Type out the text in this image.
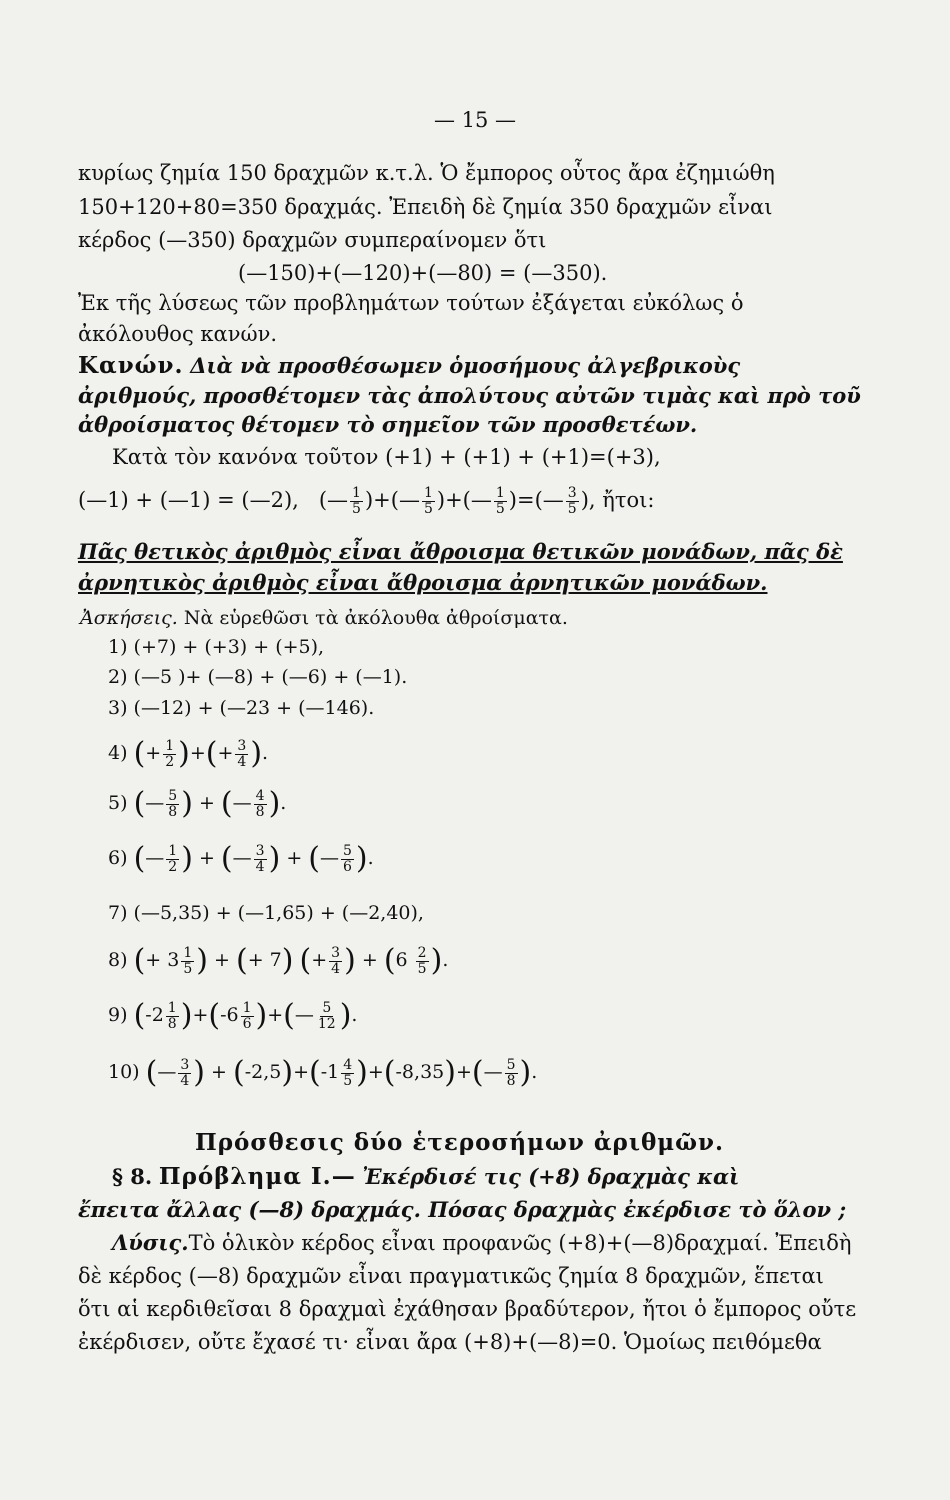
— 15 —
κυρίως ζημία 150 δραχμῶν κ.τ.λ. Ὁ ἔμπορος οὗτος ἄρα ἐζημιώθη
150+120+80=350 δραχμάς. Ἐπειδὴ δὲ ζημία 350 δραχμῶν εἶναι
κέρδος (—350) δραχμῶν συμπεραίνομεν ὅτι
(—150)+(—120)+(—80) = (—350).
Ἐκ τῆς λύσεως τῶν προβλημάτων τούτων ἐξάγεται εὐκόλως ὁ
ἀκόλουθος κανών.
Κανών. Διὰ νὰ προσθέσωμεν ὁμοσήμους ἀλγεβρικοὺς
ἀριθμούς, προσθέτομεν τὰς ἀπολύτους αὐτῶν τιμὰς καὶ πρὸ τοῦ
ἀθροίσματος θέτομεν τὸ σημεῖον τῶν προσθετέων.
Κατὰ τὸν κανόνα τοῦτον (+1) + (+1) + (+1)=(+3),
(—1) + (—1) = (—2),   (— $\frac{1}{5}$ )+(— $\frac{1}{5}$ )+(— $\frac{1}{5}$ )=(— $\frac{3}{5}$ ), ἤτοι:
Πᾶς θετικὸς ἀριθμὸς εἶναι ἄθροισμα θετικῶν μονάδων, πᾶς δὲ
ἀρνητικὸς ἀριθμὸς εἶναι ἄθροισμα ἀρνητικῶν μονάδων.
Ἀσκήσεις. Νὰ εὑρεθῶσι τὰ ἀκόλουθα ἀθροίσματα.
1) (+7) + (+3) + (+5),
2) (—5 )+ (—8) + (—6) + (—1).
3) (—12) + (—23 + (—146).
4) (+ $\frac{1}{2}$ )+(+ $\frac{3}{4}$ ).
5) (— $\frac{5}{8}$ ) + (— $\frac{4}{8}$ ).
6) (— $\frac{1}{2}$ ) + (— $\frac{3}{4}$ ) + (— $\frac{5}{6}$ ).
7) (—5,35) + (—1,65) + (—2,40),
8) (+ $3 \frac{1}{5}$ ) + (+ 7) (+ $\frac{3}{4}$ ) + ($6 \frac{2}{5}$ ).
9) $(-2 \frac{1}{8} )+(-6 \frac{1}{6}$ )+(— $\frac{5}{12}$ ).
10) (— $\frac{3}{4}$ ) + $(-2,5)+(-1 \frac{4}{5}$ )+(-8,35)+(— $\frac{5}{8}$ ).
Πρόσθεσις δύο ἑτεροσήμων ἀριθμῶν.
§ 8. Πρόβλημα Ι.— Ἐκέρδισέ τις (+8) δραχμὰς καὶ
ἔπειτα ἄλλας (—8) δραχμάς. Πόσας δραχμὰς ἐκέρδισε τὸ ὅλον ;
Λύσις.Τὸ ὁλικὸν κέρδος εἶναι προφανῶς (+8)+(—8)δραχμαί. Ἐπειδὴ
δὲ κέρδος (—8) δραχμῶν εἶναι πραγματικῶς ζημία 8 δραχμῶν, ἕπεται
ὅτι αἱ κερδιθεῖσαι 8 δραχμαὶ ἐχάθησαν βραδύτερον, ἤτοι ὁ ἔμπορος οὔτε
ἐκέρδισεν, οὔτε ἔχασέ τι· εἶναι ἄρα (+8)+(—8)=0. Ὁμοίως πειθόμεθα
